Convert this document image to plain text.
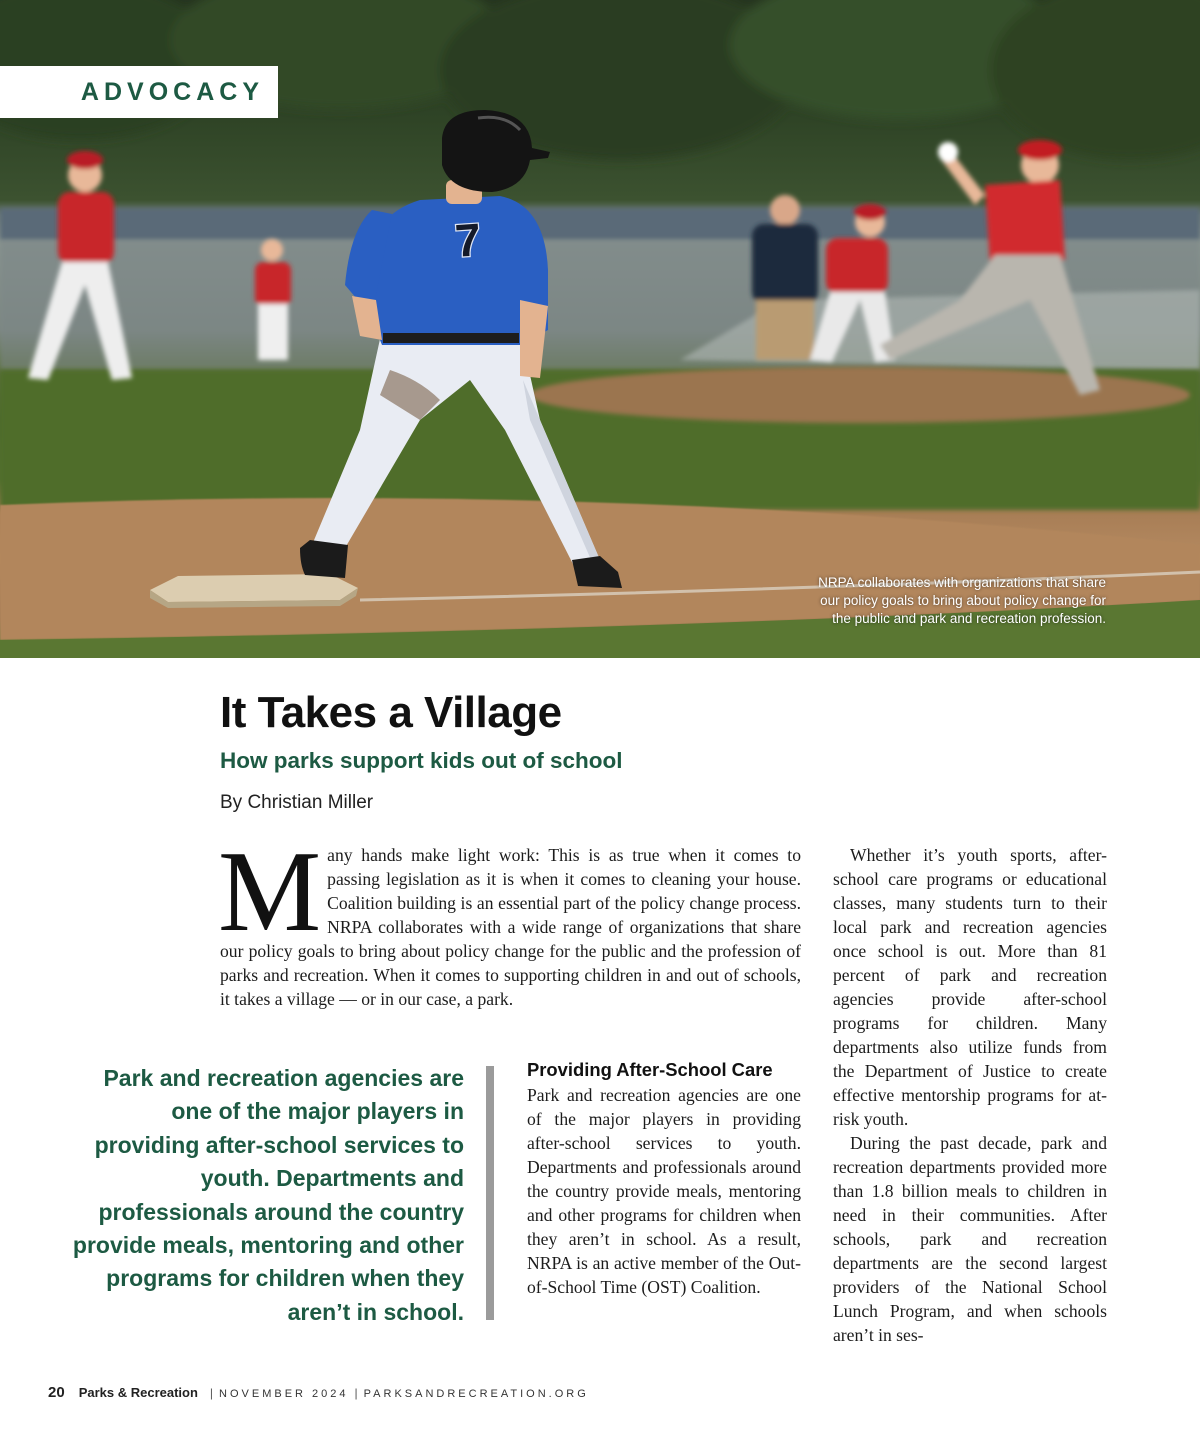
7
ADVOCACY
NRPA collaborates with organizations that share our policy goals to bring about policy change for the public and park and recreation profession.
It Takes a Village
How parks support kids out of school
By Christian Miller
Many hands make light work: This is as true when it comes to passing legislation as it is when it comes to cleaning your house. Coalition building is an essential part of the policy change process. NRPA collaborates with a wide range of organizations that share our policy goals to bring about policy change for the public and the profession of parks and recreation. When it comes to supporting children in and out of schools, it takes a village — or in our case, a park.
Park and recreation agencies are one of the major players in providing after-school services to youth. Departments and professionals around the country provide meals, mentoring and other programs for children when they aren’t in school.
Providing After-School Care
Park and recreation agencies are one of the major players in providing after-school services to youth. Departments and professionals around the country provide meals, mentoring and other programs for children when they aren’t in school. As a result, NRPA is an active member of the Out-of-School Time (OST) Coalition.

Whether it’s youth sports, after-school care programs or educational classes, many students turn to their local park and recreation agencies once school is out. More than 81 percent of park and recreation agencies provide after-school programs for children. Many departments also utilize funds from the Department of Justice to create effective mentorship programs for at-risk youth.

During the past decade, park and recreation departments provided more than 1.8 billion meals to children in need in their communities. After schools, park and recreation departments are the second largest providers of the National School Lunch Program, and when schools aren’t in ses-

20 Parks & Recreation | NOVEMBER 2024 | PARKSANDRECREATION.ORG
